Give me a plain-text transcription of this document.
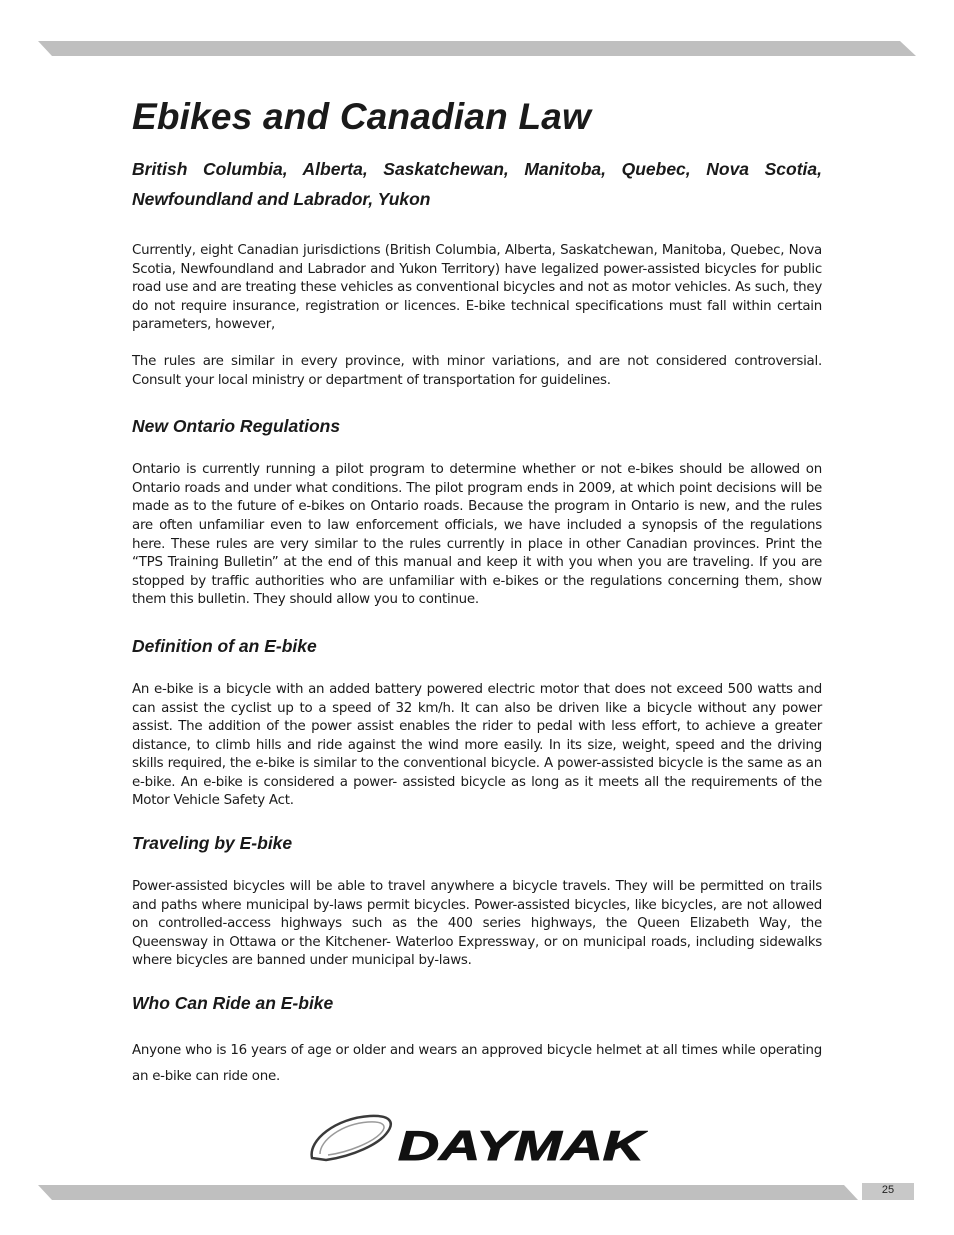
Ebikes and Canadian Law
British Columbia, Alberta, Saskatchewan, Manitoba, Quebec, Nova Scotia, Newfoundland and Labrador, Yukon

Currently, eight Canadian jurisdictions (British Columbia, Alberta, Saskatchewan, Manitoba, Quebec, Nova Scotia, Newfoundland and Labrador and Yukon Territory) have legalized power-assisted bicycles for public road use and are treating these vehicles as conventional bicycles and not as motor vehicles. As such, they do not require insurance, registration or licences. E-bike technical specifications must fall within certain parameters, however,

The rules are similar in every province, with minor variations, and are not considered controversial. Consult your local ministry or department of transportation for guidelines.

New Ontario Regulations

Ontario is currently running a pilot program to determine whether or not e-bikes should be allowed on Ontario roads and under what conditions. The pilot program ends in 2009, at which point decisions will be made as to the future of e-bikes on Ontario roads. Because the program in Ontario is new, and the rules are often unfamiliar even to law enforcement officials, we have included a synopsis of the regulations here. These rules are very similar to the rules currently in place in other Canadian provinces. Print the “TPS Training Bulletin” at the end of this manual and keep it with you when you are traveling. If you are stopped by traffic authorities who are unfamiliar with e-bikes or the regulations concerning them, show them this bulletin. They should allow you to continue.

Definition of an E-bike

An e-bike is a bicycle with an added battery powered electric motor that does not exceed 500 watts and can assist the cyclist up to a speed of 32 km/h. It can also be driven like a bicycle without any power assist. The addition of the power assist enables the rider to pedal with less effort, to achieve a greater distance, to climb hills and ride against the wind more easily. In its size, weight, speed and the driving skills required, the e-bike is similar to the conventional bicycle. A power-assisted bicycle is the same as an e-bike. An e-bike is considered a power- assisted bicycle as long as it meets all the requirements of the Motor Vehicle Safety Act.

Traveling by E-bike

Power-assisted bicycles will be able to travel anywhere a bicycle travels. They will be permitted on trails and paths where municipal by-laws permit bicycles. Power-assisted bicycles, like bicycles, are not allowed on controlled-access highways such as the 400 series highways, the Queen Elizabeth Way, the Queensway in Ottawa or the Kitchener- Waterloo Expressway, or on municipal roads, including sidewalks where bicycles are banned under municipal by-laws.

Who Can Ride an E-bike

Anyone who is 16 years of age or older and wears an approved bicycle helmet at all times while operating an e-bike can ride one.

DAYMAK
25
